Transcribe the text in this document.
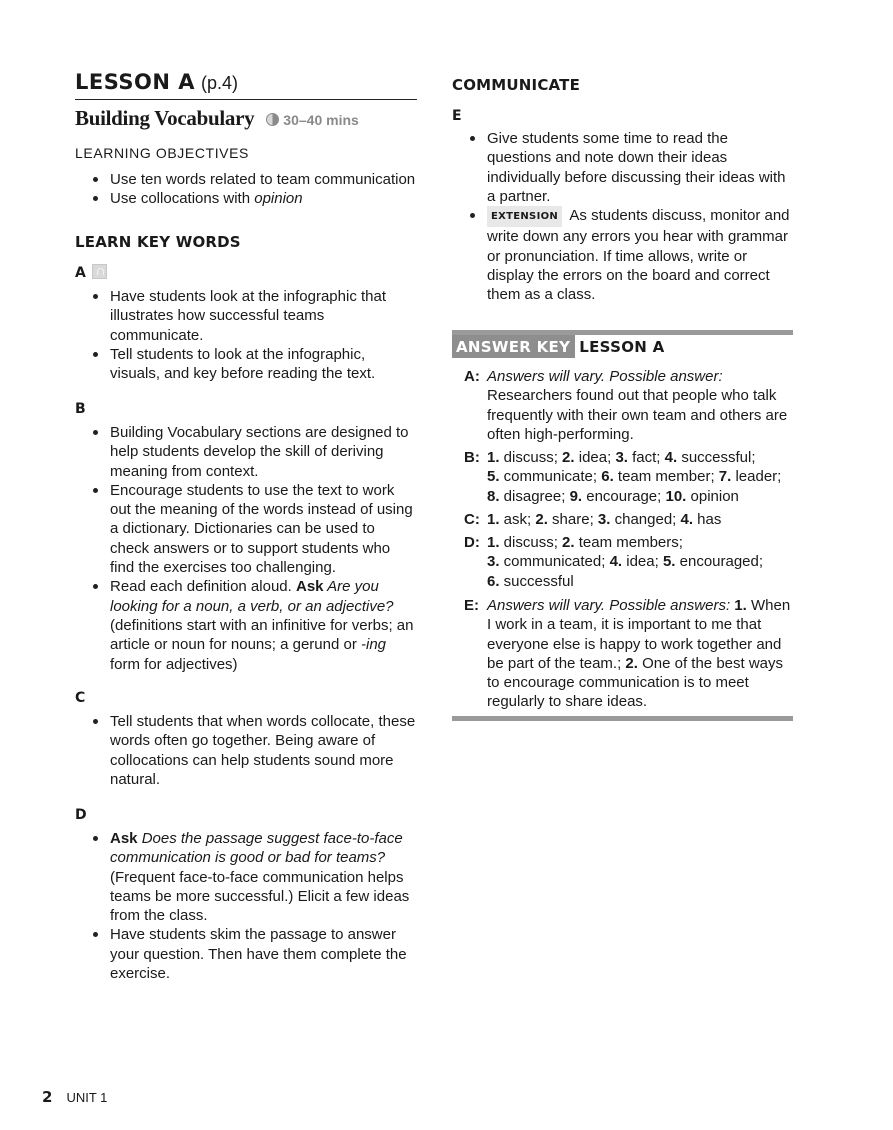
LESSON A (p.4)
Building Vocabulary 30–40 mins
LEARNING OBJECTIVES
Use ten words related to team communication
Use collocations with opinion
LEARN KEY WORDS
A
Have students look at the infographic that illustrates how successful teams communicate.
Tell students to look at the infographic, visuals, and key before reading the text.
B
Building Vocabulary sections are designed to help students develop the skill of deriving meaning from context.
Encourage students to use the text to work out the meaning of the words instead of using a dictionary. Dictionaries can be used to check answers or to support students who find the exercises too challenging.
Read each definition aloud. Ask Are you looking for a noun, a verb, or an adjective? (definitions start with an infinitive for verbs; an article or noun for nouns; a gerund or -ing form for adjectives)
C
Tell students that when words collocate, these words often go together. Being aware of collocations can help students sound more natural.
D
Ask Does the passage suggest face-to-face communication is good or bad for teams? (Frequent face-to-face communication helps teams be more successful.) Elicit a few ideas from the class.
Have students skim the passage to answer your question. Then have them complete the exercise.
COMMUNICATE
E
Give students some time to read the questions and note down their ideas individually before discussing their ideas with a partner.
EXTENSION As students discuss, monitor and write down any errors you hear with grammar or pronunciation. If time allows, write or display the errors on the board and correct them as a class.
ANSWER KEY LESSON A
A: Answers will vary. Possible answer: Researchers found out that people who talk frequently with their own team and others are often high-performing.
B: 1. discuss; 2. idea; 3. fact; 4. successful;
5. communicate; 6. team member; 7. leader;
8. disagree; 9. encourage; 10. opinion
C: 1. ask; 2. share; 3. changed; 4. has
D: 1. discuss; 2. team members;
3. communicated; 4. idea; 5. encouraged;
6. successful
E: Answers will vary. Possible answers: 1. When I work in a team, it is important to me that everyone else is happy to work together and be part of the team.; 2. One of the best ways to encourage communication is to meet regularly to share ideas.
2 UNIT 1
